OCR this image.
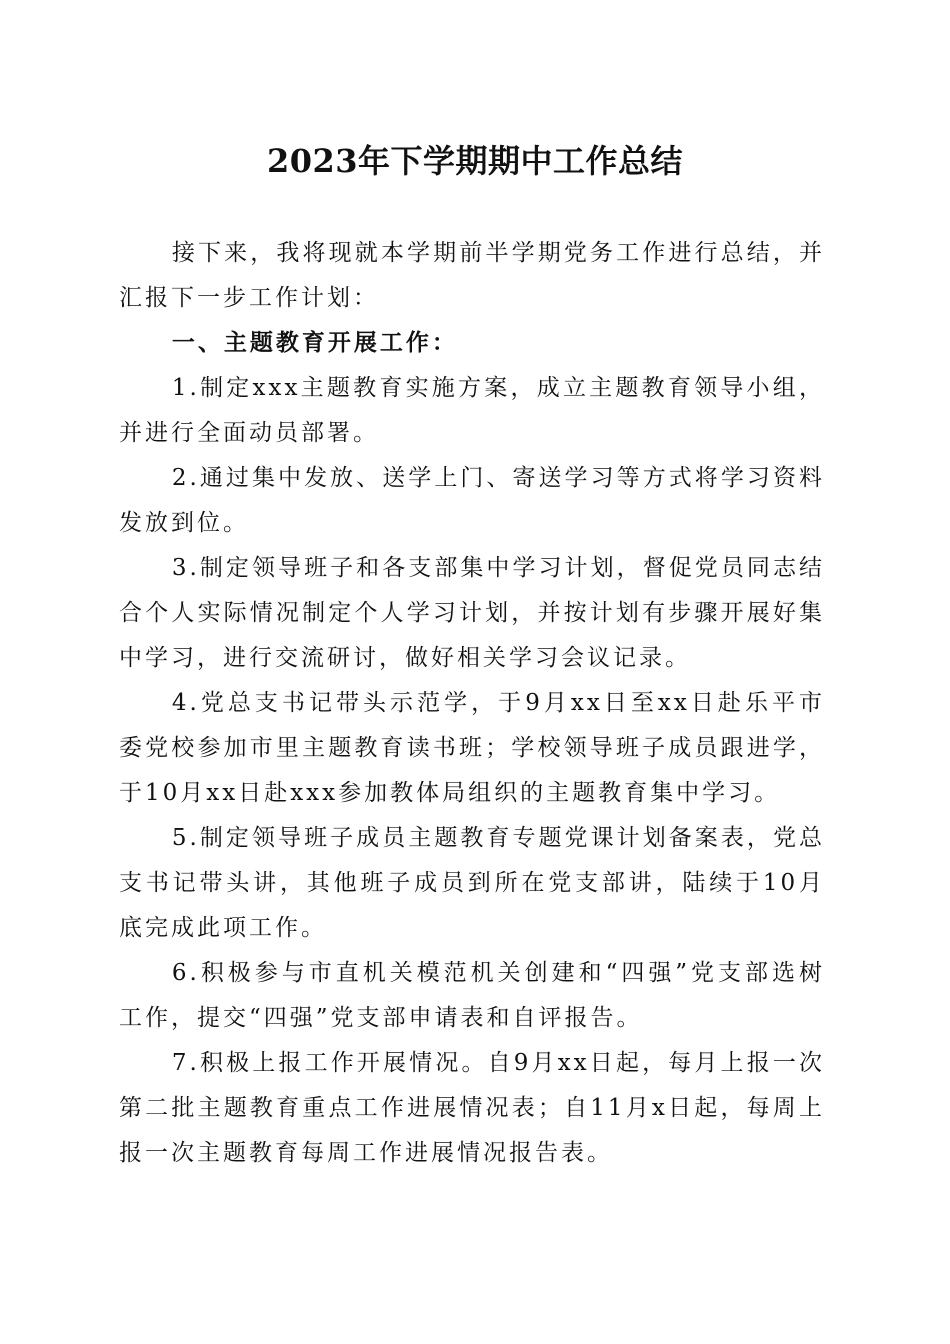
2023年下学期期中工作总结

接下来，我将现就本学期前半学期党务工作进行总结，并汇报下一步工作计划：

一、主题教育开展工作：

1.制定xxx主题教育实施方案，成立主题教育领导小组，并进行全面动员部署。

2.通过集中发放、送学上门、寄送学习等方式将学习资料发放到位。

3.制定领导班子和各支部集中学习计划，督促党员同志结合个人实际情况制定个人学习计划，并按计划有步骤开展好集中学习，进行交流研讨，做好相关学习会议记录。

4.党总支书记带头示范学，于9月xx日至xx日赴乐平市委党校参加市里主题教育读书班；学校领导班子成员跟进学，于10月xx日赴xxx参加教体局组织的主题教育集中学习。

5.制定领导班子成员主题教育专题党课计划备案表，党总支书记带头讲，其他班子成员到所在党支部讲，陆续于10月底完成此项工作。

6.积极参与市直机关模范机关创建和“四强”党支部选树工作，提交“四强”党支部申请表和自评报告。

7.积极上报工作开展情况。自9月xx日起，每月上报一次第二批主题教育重点工作进展情况表；自11月x日起，每周上报一次主题教育每周工作进展情况报告表。
